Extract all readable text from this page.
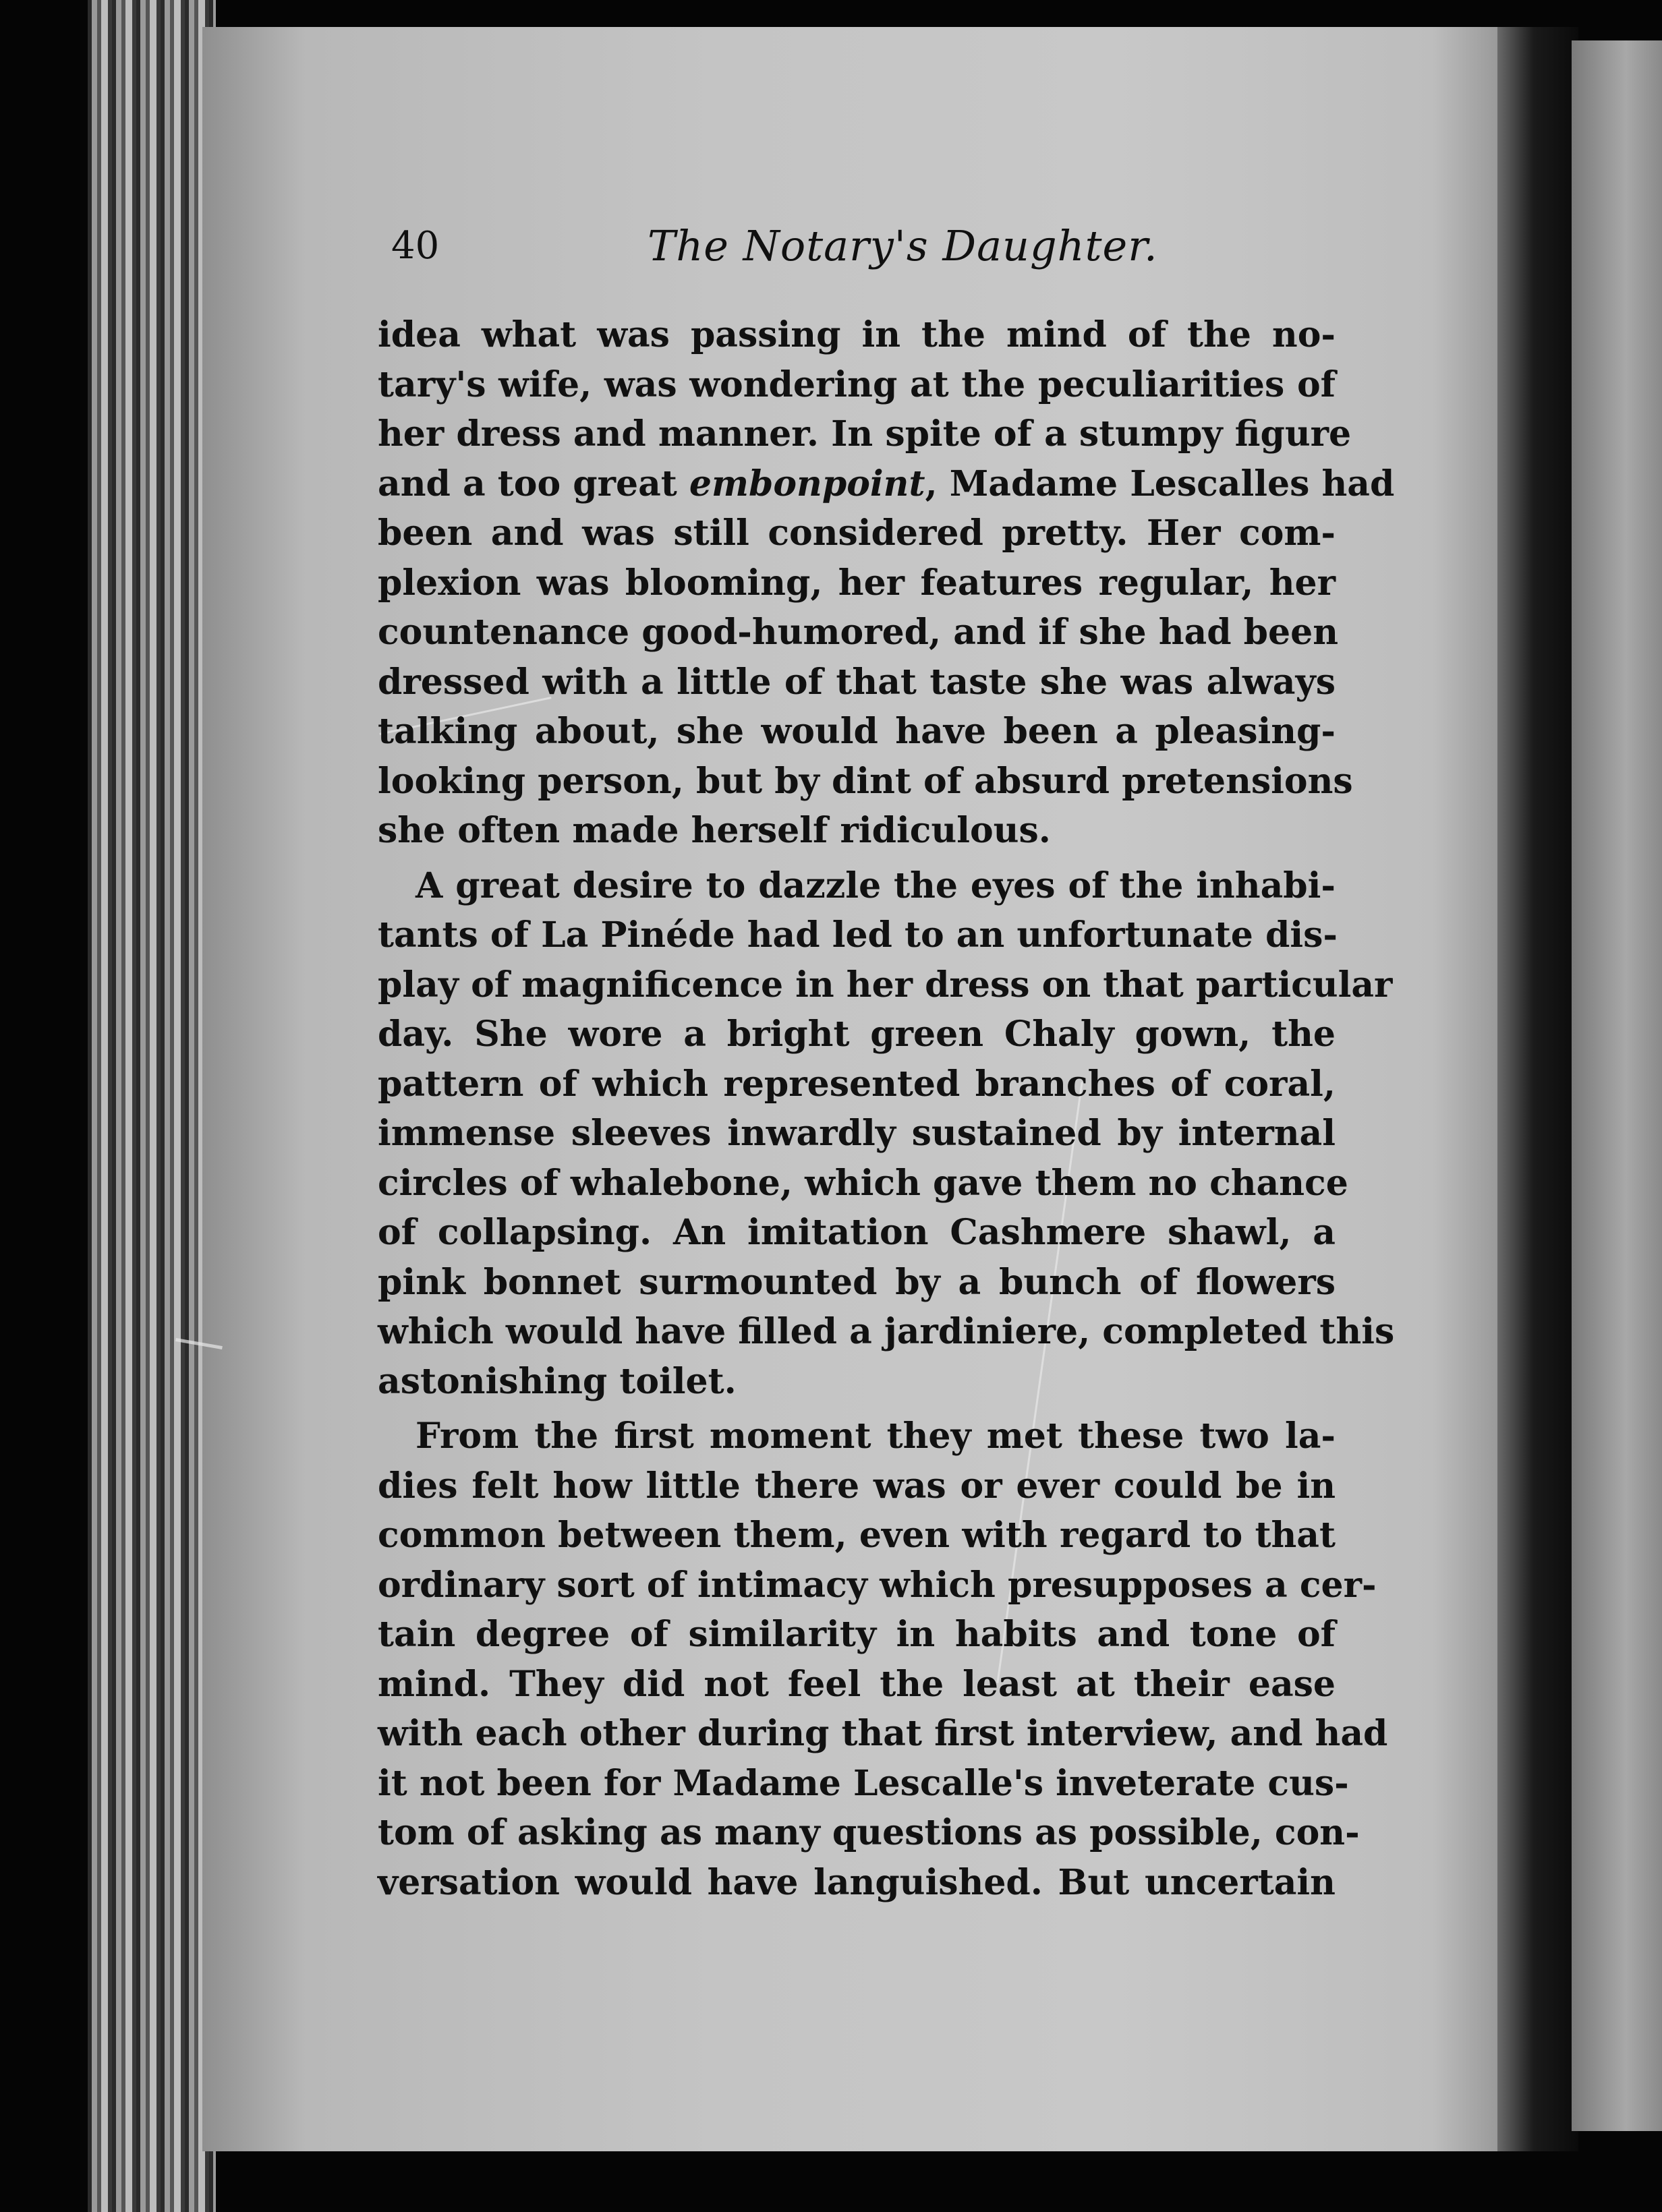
40	The Notary's Daughter.
idea what was passing in the mind of the no-
tary's wife, was wondering at the peculiarities of
her dress and manner. In spite of a stumpy figure
and a too great embonpoint, Madame Lescalles had
been and was still considered pretty. Her com-
plexion was blooming, her features regular, her
countenance good-humored, and if she had been
dressed with a little of that taste she was always
talking about, she would have been a pleasing-
looking person, but by dint of absurd pretensions
she often made herself ridiculous.
A great desire to dazzle the eyes of the inhabi-
tants of La Pinéde had led to an unfortunate dis-
play of magnificence in her dress on that particular
day. She wore a bright green Chaly gown, the
pattern of which represented branches of coral,
immense sleeves inwardly sustained by internal
circles of whalebone, which gave them no chance
of collapsing. An imitation Cashmere shawl, a
pink bonnet surmounted by a bunch of flowers
which would have filled a jardiniere, completed this
astonishing toilet.
From the first moment they met these two la-
dies felt how little there was or ever could be in
common between them, even with regard to that
ordinary sort of intimacy which presupposes a cer-
tain degree of similarity in habits and tone of
mind. They did not feel the least at their ease
with each other during that first interview, and had
it not been for Madame Lescalle's inveterate cus-
tom of asking as many questions as possible, con-
versation would have languished. But uncertain
